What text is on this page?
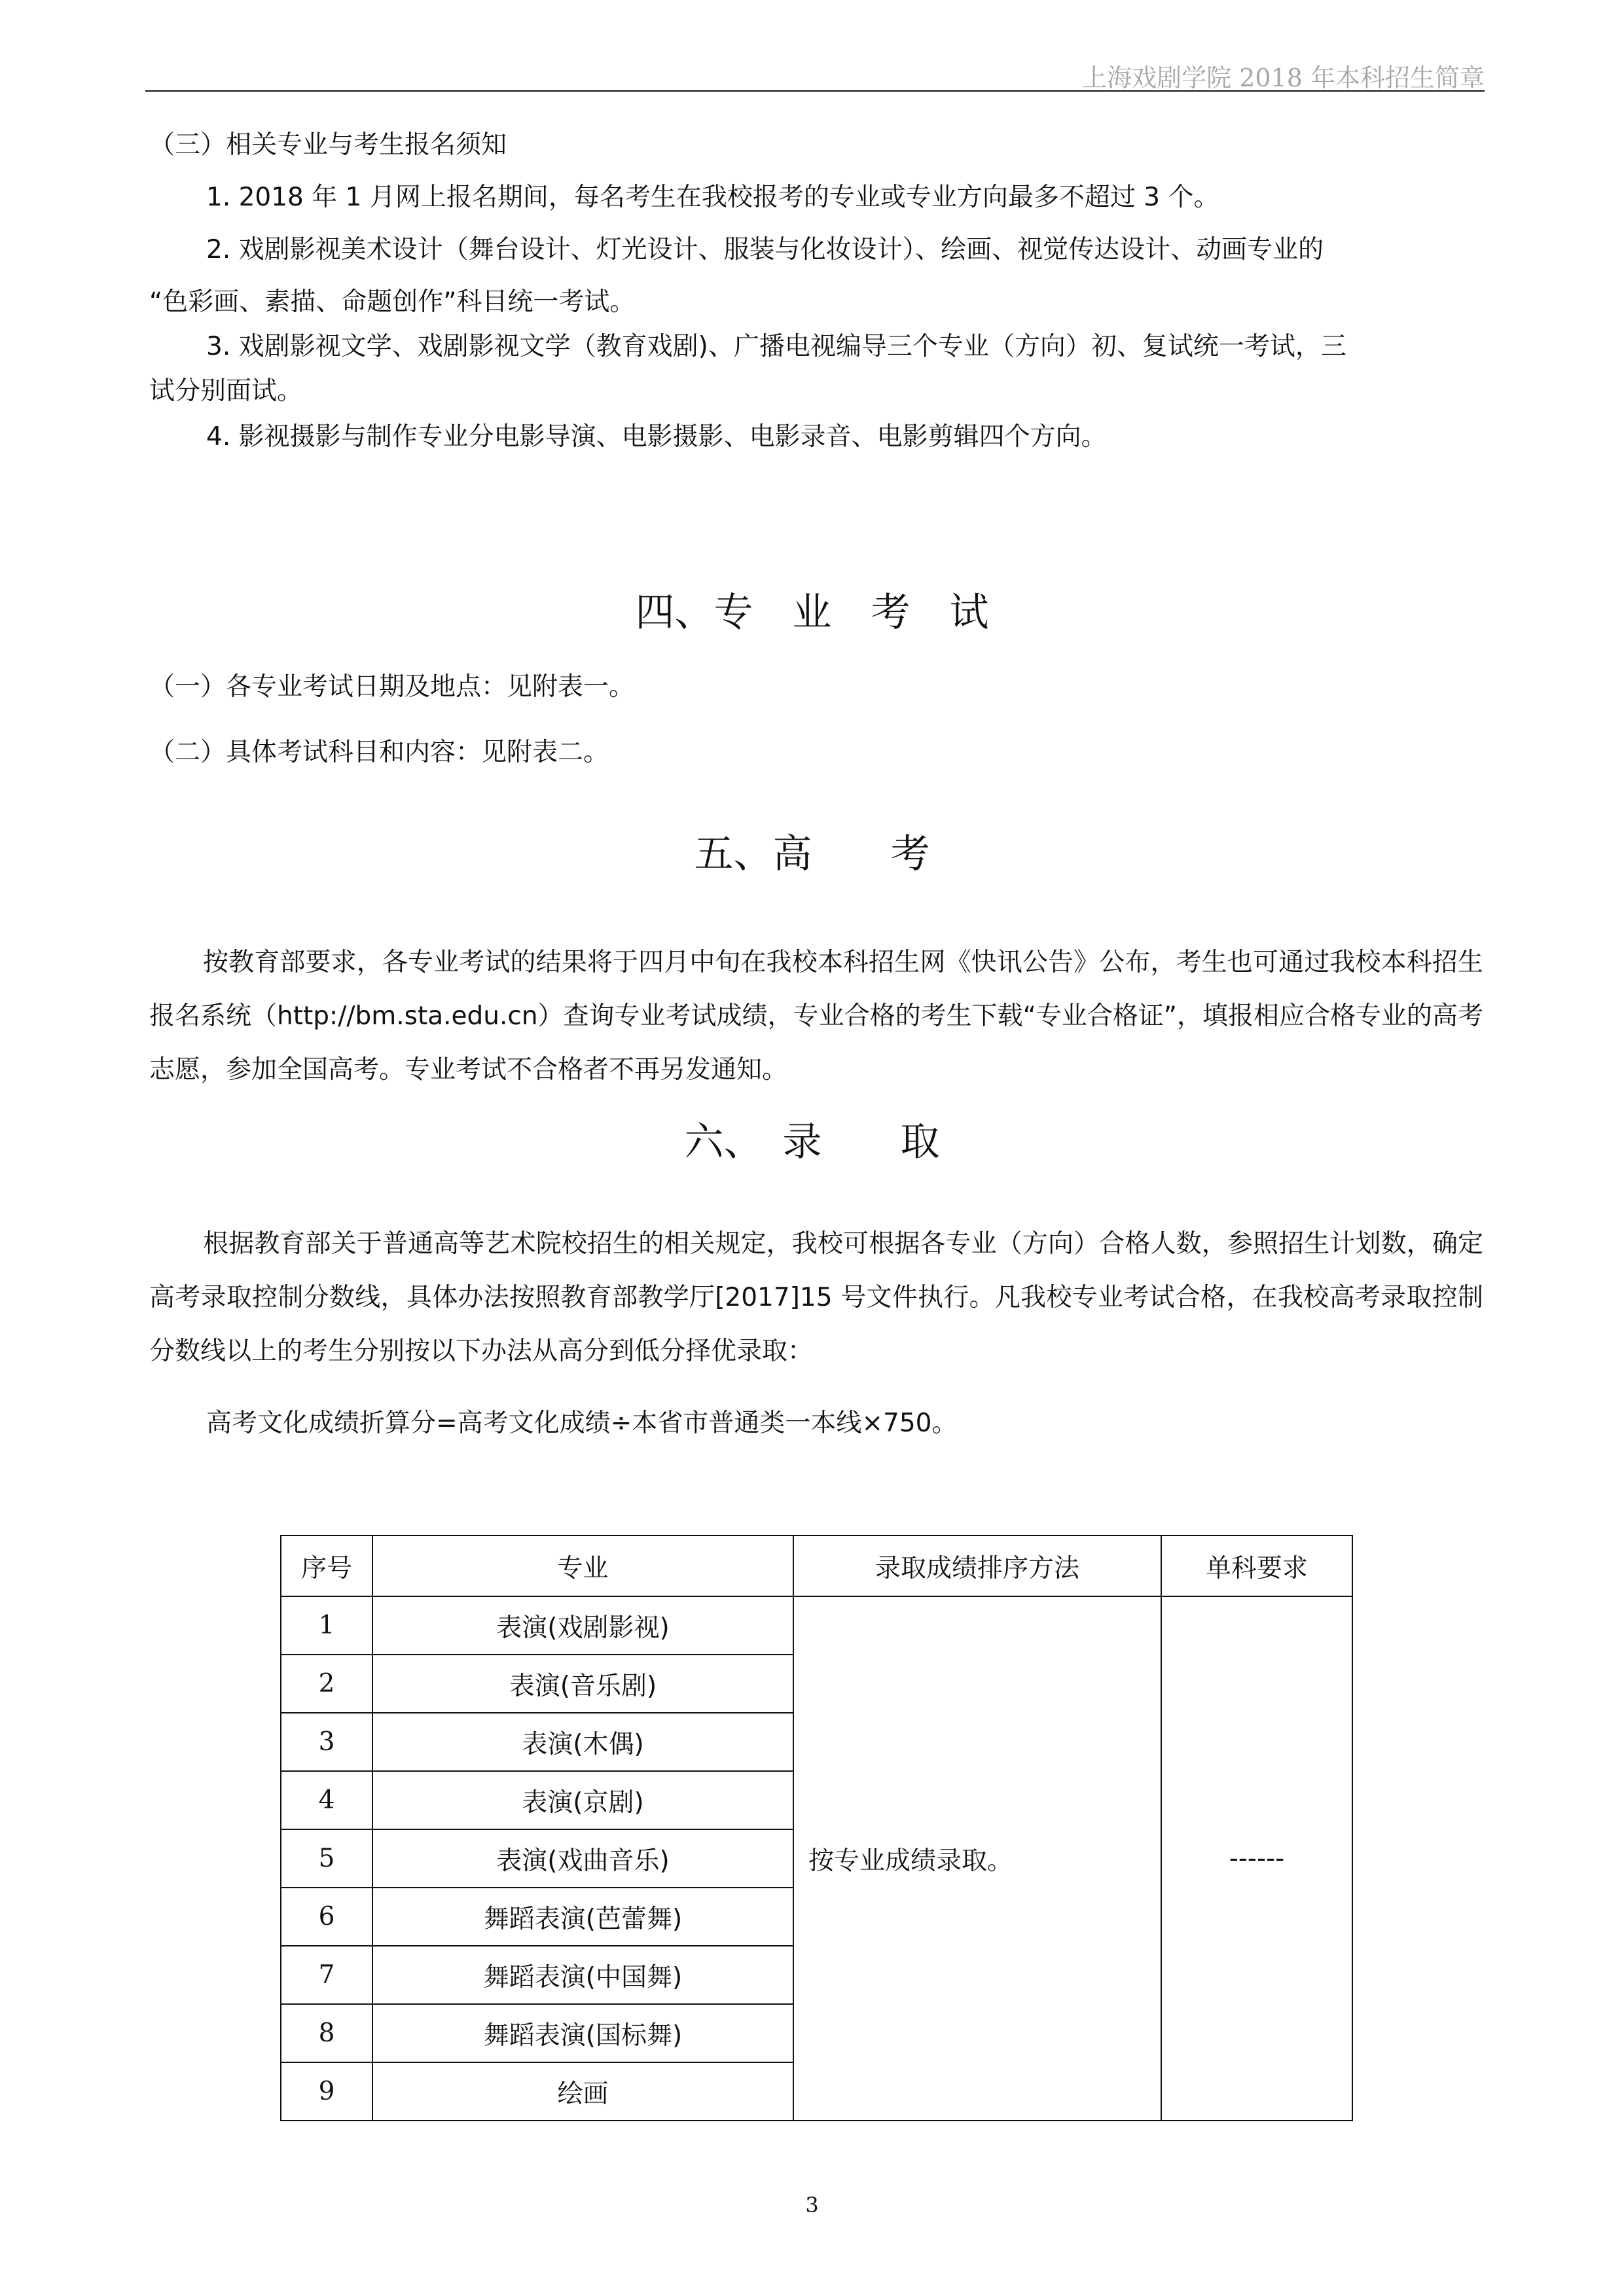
上海戏剧学院 2018 年本科招生简章
（三）相关专业与考生报名须知
1. 2018 年 1 月网上报名期间，每名考生在我校报考的专业或专业方向最多不超过 3 个。
2. 戏剧影视美术设计（舞台设计、灯光设计、服装与化妆设计）、绘画、视觉传达设计、动画专业的
“色彩画、素描、命题创作”科目统一考试。
3. 戏剧影视文学、戏剧影视文学（教育戏剧)、广播电视编导三个专业（方向）初、复试统一考试，三
试分别面试。
4. 影视摄影与制作专业分电影导演、电影摄影、电影录音、电影剪辑四个方向。
四、专　业　考　试
（一）各专业考试日期及地点：见附表一。
（二）具体考试科目和内容：见附表二。
五、高　　考

按教育部要求，各专业考试的结果将于四月中旬在我校本科招生网《快讯公告》公布，考生也可通过我校本科招生报名系统（http://bm.sta.edu.cn）查询专业考试成绩，专业合格的考生下载“专业合格证”，填报相应合格专业的高考志愿，参加全国高考。专业考试不合格者不再另发通知。

六、　录　　取

根据教育部关于普通高等艺术院校招生的相关规定，我校可根据各专业（方向）合格人数，参照招生计划数，确定高考录取控制分数线，具体办法按照教育部教学厅[2017]15 号文件执行。凡我校专业考试合格，在我校高考录取控制分数线以上的考生分别按以下办法从高分到低分择优录取：

高考文化成绩折算分=高考文化成绩÷本省市普通类一本线×750。
序号	专业	录取成绩排序方法	单科要求
1	表演(戏剧影视)	按专业成绩录取。	------
2	表演(音乐剧)		
3	表演(木偶)		
4	表演(京剧)		
5	表演(戏曲音乐)		
6	舞蹈表演(芭蕾舞)		
7	舞蹈表演(中国舞)		
8	舞蹈表演(国标舞)		
9	绘画		
3
